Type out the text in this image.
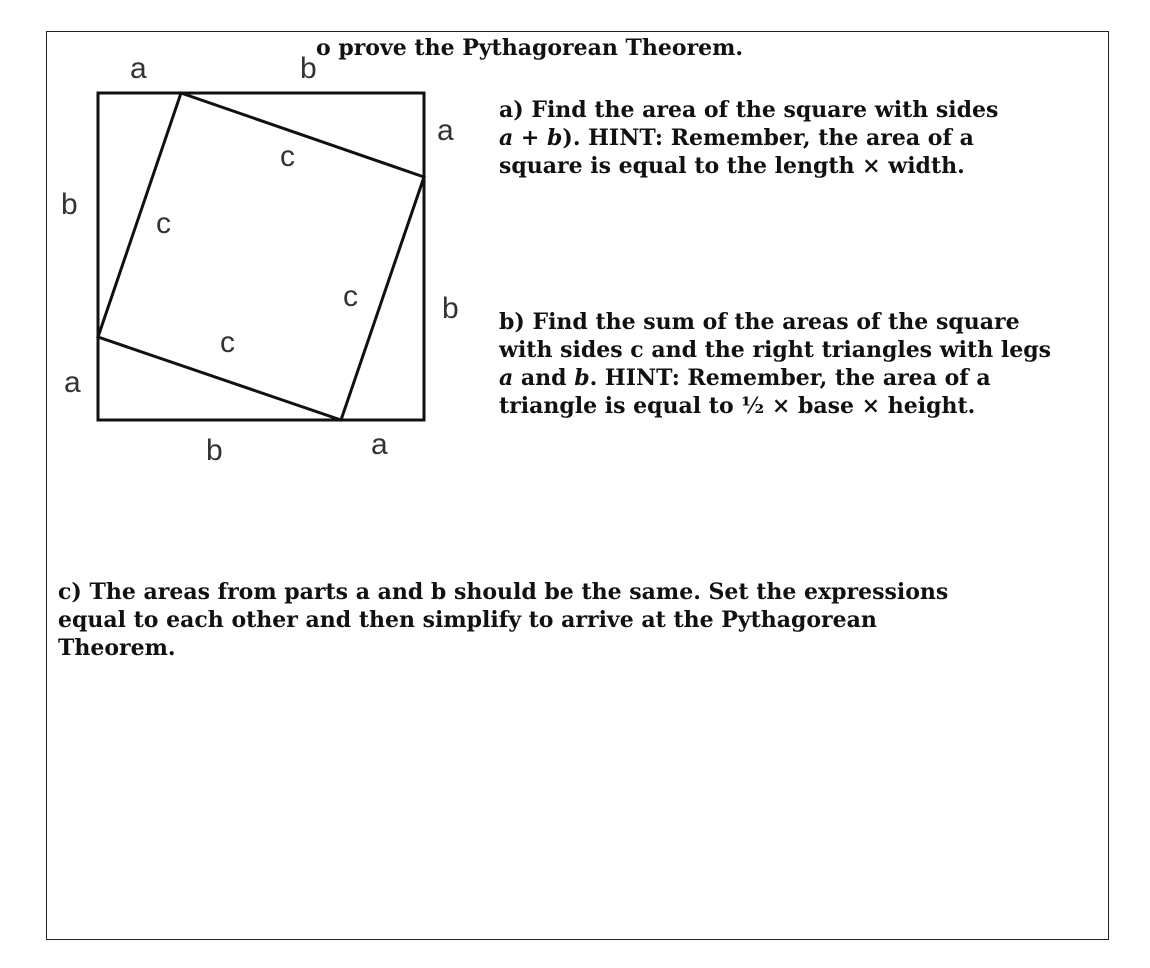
a	b
a
b
b	a
b
a
c
c
c
c
o prove the Pythagorean Theorem.

a) Find the area of the square with sides

a + b). HINT: Remember, the area of a

square is equal to the length × width.

b) Find the sum of the areas of the square

with sides c and the right triangles with legs

a and b. HINT: Remember, the area of a

triangle is equal to ½ × base × height.

c) The areas from parts a and b should be the same. Set the expressions

equal to each other and then simplify to arrive at the Pythagorean

Theorem.
